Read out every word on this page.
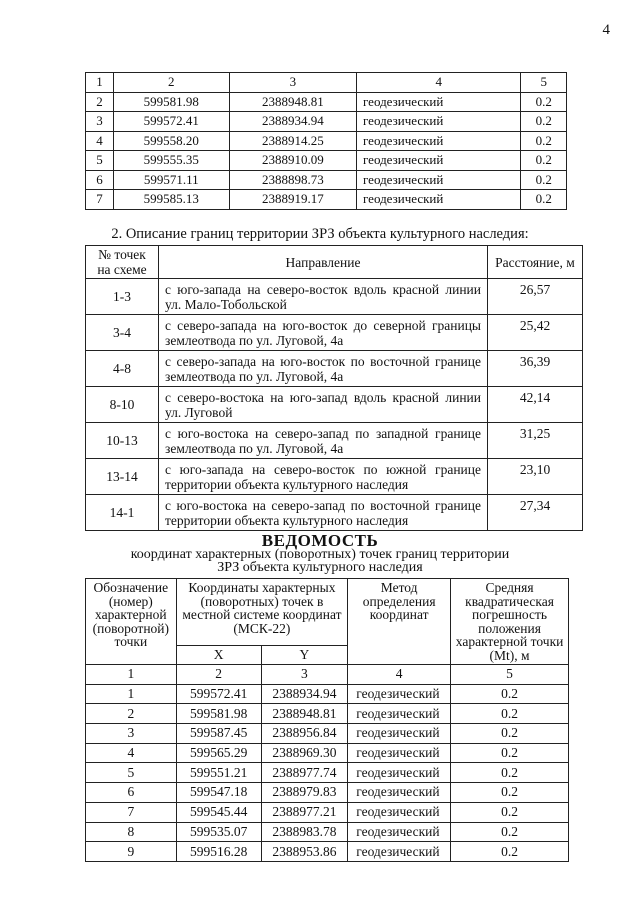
4
1	2	3	4	5
2	599581.98	2388948.81	геодезический	0.2
3	599572.41	2388934.94	геодезический	0.2
4	599558.20	2388914.25	геодезический	0.2
5	599555.35	2388910.09	геодезический	0.2
6	599571.11	2388898.73	геодезический	0.2
7	599585.13	2388919.17	геодезический	0.2
2. Описание границ территории ЗРЗ объекта культурного наследия:
№ точек на схеме	Направление	Расстояние, м
1-3	с юго-запада на северо-восток вдоль красной линии ул. Мало-Тобольской	26,57
3-4	с северо-запада на юго-восток до северной границы землеотвода по ул. Луговой, 4а	25,42
4-8	с северо-запада на юго-восток по восточной границе землеотвода по ул. Луговой, 4а	36,39
8-10	с северо-востока на юго-запад вдоль красной линии ул. Луговой	42,14
10-13	с юго-востока на северо-запад по западной границе землеотвода по ул. Луговой, 4а	31,25
13-14	с юго-запада на северо-восток по южной границе территории объекта культурного наследия	23,10
14-1	с юго-востока на северо-запад по восточной границе территории объекта культурного наследия	27,34
ВЕДОМОСТЬ
координат характерных (поворотных) точек границ территории
ЗРЗ объекта культурного наследия
Обозначение (номер) характерной (поворотной) точки	Координаты характерных (поворотных) точек в местной системе координат (МСК-22)		Метод определения координат	Средняя квадратическая погрешность положения характерной точки (Mt), м
	X	Y		
1	2	3	4	5
1	599572.41	2388934.94	геодезический	0.2
2	599581.98	2388948.81	геодезический	0.2
3	599587.45	2388956.84	геодезический	0.2
4	599565.29	2388969.30	геодезический	0.2
5	599551.21	2388977.74	геодезический	0.2
6	599547.18	2388979.83	геодезический	0.2
7	599545.44	2388977.21	геодезический	0.2
8	599535.07	2388983.78	геодезический	0.2
9	599516.28	2388953.86	геодезический	0.2
